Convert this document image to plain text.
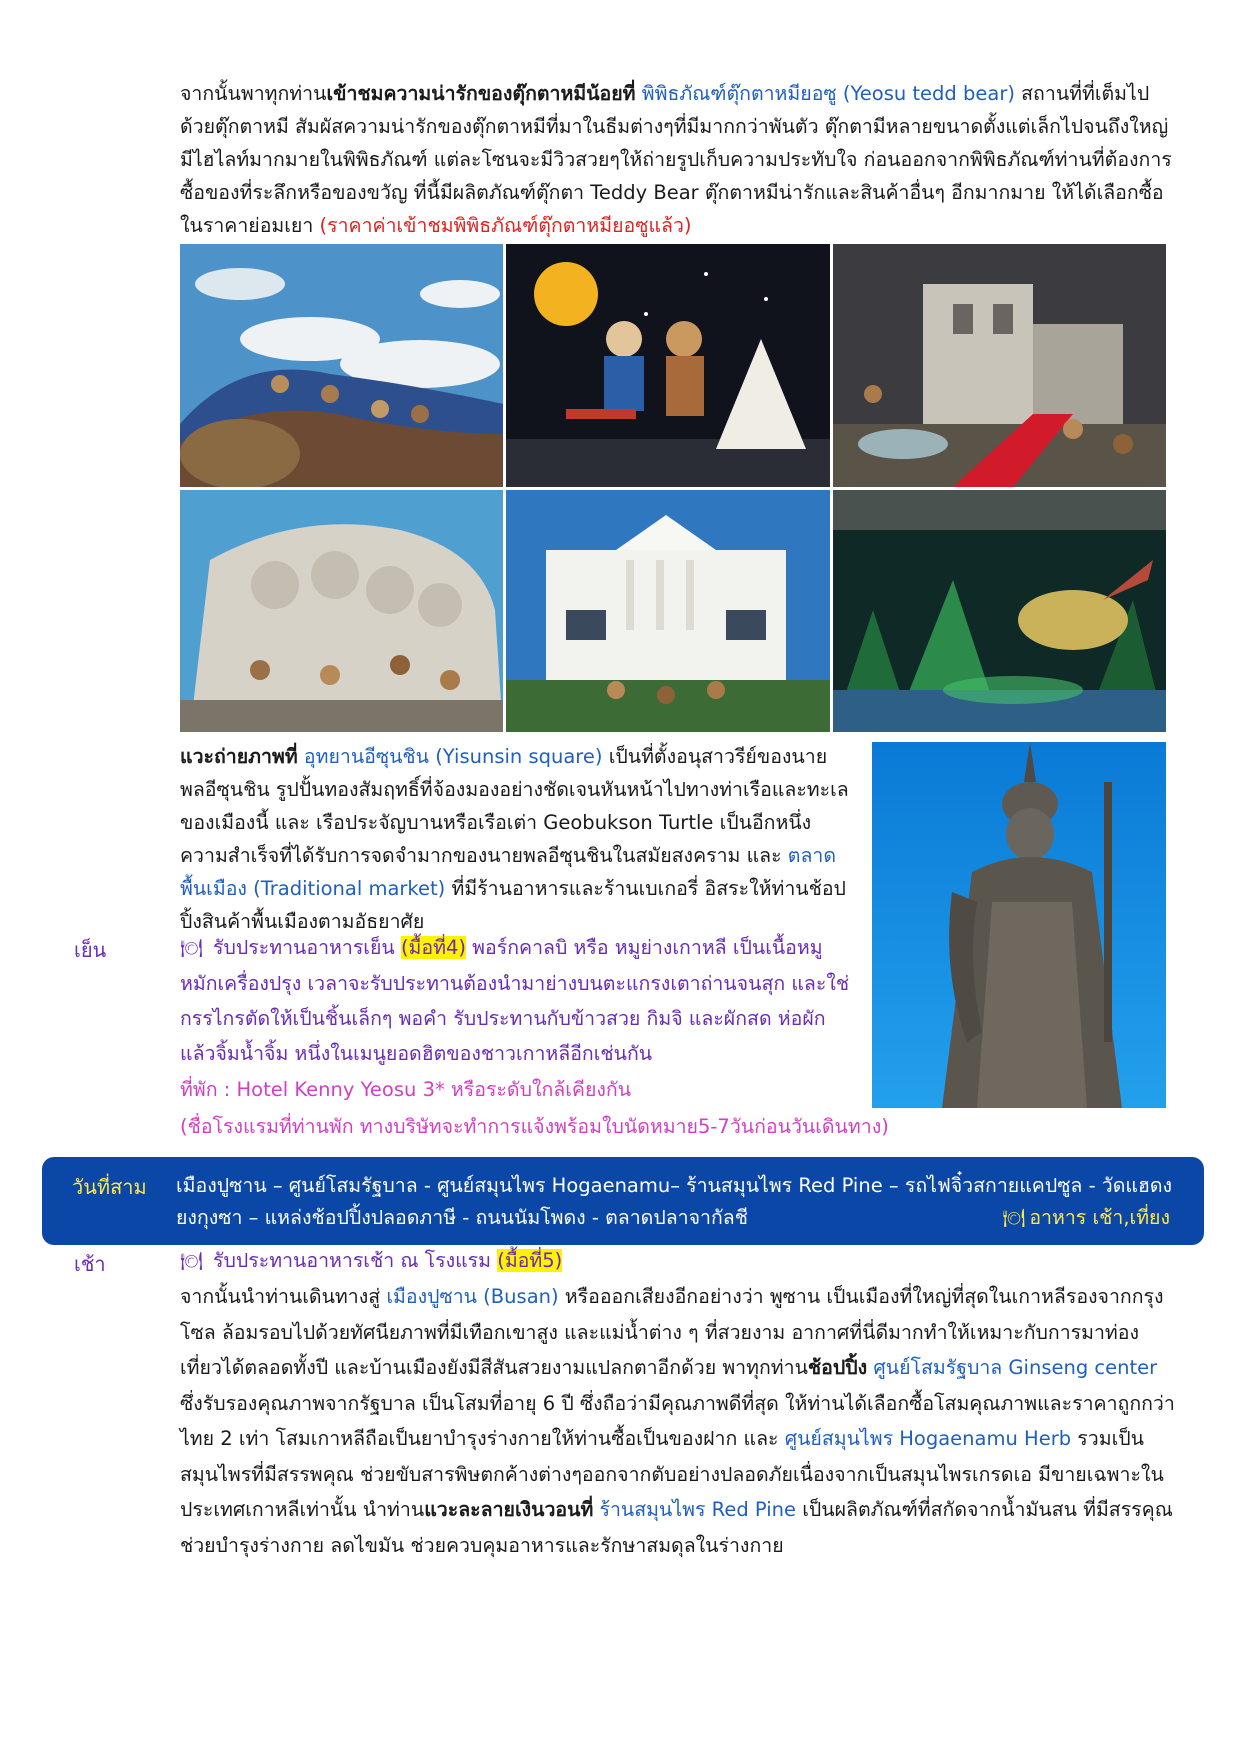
จากนั้นพาทุกท่านเข้าชมความน่ารักของตุ๊กตาหมีน้อยที่ พิพิธภัณฑ์ตุ๊กตาหมียอซู (Yeosu tedd bear) สถานที่ที่เต็มไปด้วยตุ๊กตาหมี สัมผัสความน่ารักของตุ๊กตาหมีที่มาในธีมต่างๆที่มีมากกว่าพันตัว ตุ๊กตามีหลายขนาดตั้งแต่เล็กไปจนถึงใหญ่ มีไฮไลท์มากมายในพิพิธภัณฑ์ แต่ละโซนจะมีวิวสวยๆให้ถ่ายรูปเก็บความประทับใจ ก่อนออกจากพิพิธภัณฑ์ท่านที่ต้องการซื้อของที่ระลึกหรือของขวัญ ที่นี้มีผลิตภัณฑ์ตุ๊กตา Teddy Bear ตุ๊กตาหมีน่ารักและสินค้าอื่นๆ อีกมากมาย ให้ได้เลือกซื้อในราคาย่อมเยา (ราคาค่าเข้าชมพิพิธภัณฑ์ตุ๊กตาหมียอซูแล้ว)
แวะถ่ายภาพที่ อุทยานอีซุนชิน (Yisunsin square) เป็นที่ตั้งอนุสาวรีย์ของนายพลอีซุนชิน รูปปั้นทองสัมฤทธิ์ที่จ้องมองอย่างชัดเจนหันหน้าไปทางท่าเรือและทะเลของเมืองนี้ และ เรือประจัญบานหรือเรือเต่า Geobukson Turtle เป็นอีกหนึ่งความสำเร็จที่ได้รับการจดจำมากของนายพลอีซุนชินในสมัยสงคราม และ ตลาดพื้นเมือง (Traditional market) ที่มีร้านอาหารและร้านเบเกอรี่ อิสระให้ท่านช้อปปิ้งสินค้าพื้นเมืองตามอัธยาศัย
เย็น	🍽 รับประทานอาหารเย็น (มื้อที่4) พอร์กคาลบิ หรือ หมูย่างเกาหลี เป็นเนื้อหมูหมักเครื่องปรุง เวลาจะรับประทานต้องนำมาย่างบนตะแกรงเตาถ่านจนสุก และใช่กรรไกรตัดให้เป็นชิ้นเล็กๆ พอคำ รับประทานกับข้าวสวย กิมจิ และผักสด ห่อผักแล้วจิ้มน้ำจิ้ม หนึ่งในเมนูยอดฮิตของชาวเกาหลีอีกเช่นกัน
ที่พัก : Hotel Kenny Yeosu 3* หรือระดับใกล้เคียงกัน
(ชื่อโรงแรมที่ท่านพัก ทางบริษัทจะทำการแจ้งพร้อมใบนัดหมาย5-7วันก่อนวันเดินทาง)
วันที่สาม เมืองปูซาน – ศูนย์โสมรัฐบาล - ศูนย์สมุนไพร Hogaenamu– ร้านสมุนไพร Red Pine – รถไฟจิ๋วสกายแคปซูล - วัดแฮดงยงกุงซา – แหล่งช้อปปิ้งปลอดภาษี - ถนนนัมโพดง - ตลาดปลาจากัลชี	🍽 อาหาร เช้า,เที่ยง
เช้า	🍽 รับประทานอาหารเช้า ณ โรงแรม (มื้อที่5)
จากนั้นนำท่านเดินทางสู่ เมืองปูซาน (Busan) หรือออกเสียงอีกอย่างว่า พูซาน เป็นเมืองที่ใหญ่ที่สุดในเกาหลีรองจากกรุงโซล ล้อมรอบไปด้วยทัศนียภาพที่มีเทือกเขาสูง และแม่น้ำต่าง ๆ ที่สวยงาม อากาศที่นี่ดีมากทำให้เหมาะกับการมาท่องเที่ยวได้ตลอดทั้งปี และบ้านเมืองยังมีสีสันสวยงามแปลกตาอีกด้วย พาทุกท่านช้อปปิ้ง ศูนย์โสมรัฐบาล Ginseng center ซึ่งรับรองคุณภาพจากรัฐบาล เป็นโสมที่อายุ 6 ปี ซึ่งถือว่ามีคุณภาพดีที่สุด ให้ท่านได้เลือกซื้อโสมคุณภาพและราคาถูกกว่าไทย 2 เท่า โสมเกาหลีถือเป็นยาบำรุงร่างกายให้ท่านซื้อเป็นของฝาก และ ศูนย์สมุนไพร Hogaenamu Herb รวมเป็นสมุนไพรที่มีสรรพคุณ ช่วยขับสารพิษตกค้างต่างๆออกจากตับอย่างปลอดภัยเนื่องจากเป็นสมุนไพรเกรดเอ มีขายเฉพาะในประเทศเกาหลีเท่านั้น นำท่านแวะละลายเงินวอนที่ ร้านสมุนไพร Red Pine เป็นผลิตภัณฑ์ที่สกัดจากน้ำมันสน ที่มีสรรคุณช่วยบำรุงร่างกาย ลดไขมัน ช่วยควบคุมอาหารและรักษาสมดุลในร่างกาย
